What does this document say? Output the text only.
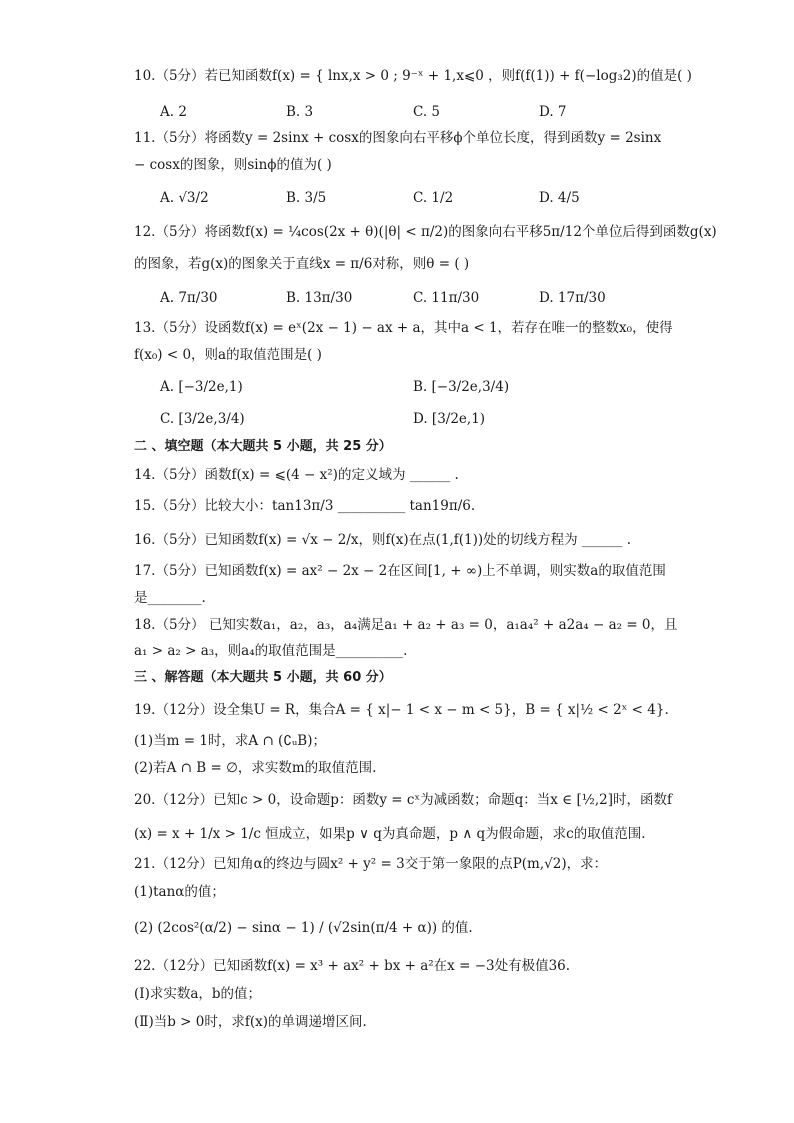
10.（5分）若已知函数f(x) = { lnx,x > 0 ; 9⁻ˣ + 1,x⩽0 ，则f(f(1)) + f(−log₃2)的值是( )
A. 2	B. 3	C. 5	D. 7
11.（5分）将函数y = 2sinx + cosx的图象向右平移ϕ个单位长度，得到函数y = 2sinx
− cosx的图象，则sinϕ的值为( )
A. √3/2	B. 3/5	C. 1/2	D. 4/5
12.（5分）将函数f(x) = ¼cos(2x + θ)(|θ| < π/2)的图象向右平移5π/12个单位后得到函数g(x)
的图象，若g(x)的图象关于直线x = π/6对称，则θ = ( )
A. 7π/30	B. 13π/30	C. 11π/30	D. 17π/30
13.（5分）设函数f(x) = eˣ(2x − 1) − ax + a，其中a < 1，若存在唯一的整数x₀，使得
f(x₀) < 0，则a的取值范围是( )
A. [−3/2e,1)	B. [−3/2e,3/4)
C. [3/2e,3/4)	D. [3/2e,1)
二 、填空题（本大题共 5 小题，共 25 分）
14.（5分）函数f(x) = ⩽(4 − x²)的定义域为 ______ .
15.（5分）比较大小：tan13π/3 __________ tan19π/6.
16.（5分）已知函数f(x) = √x − 2/x，则f(x)在点(1,f(1))处的切线方程为 ______ .
17.（5分）已知函数f(x) = ax² − 2x − 2在区间[1, + ∞)上不单调，则实数a的取值范围
是________.
18.（5分） 已知实数a₁，a₂，a₃，a₄满足a₁ + a₂ + a₃ = 0，a₁a₄² + a2a₄ − a₂ = 0，且
a₁ > a₂ > a₃，则a₄的取值范围是__________.
三 、解答题（本大题共 5 小题，共 60 分）
19.（12分）设全集U = R，集合A = { x|− 1 < x − m < 5}，B = { x|½ < 2ˣ < 4}.
(1)当m = 1时，求A ∩ (∁ᵤB)；
(2)若A ∩ B = ∅，求实数m的取值范围.
20.（12分）已知c > 0，设命题p：函数y = cˣ为减函数；命题q：当x ∈ [½,2]时，函数f
(x) = x + 1/x > 1/c 恒成立，如果p ∨ q为真命题，p ∧ q为假命题，求c的取值范围.
21.（12分）已知角α的终边与圆x² + y² = 3交于第一象限的点P(m,√2)，求：
(1)tanα的值；
(2) (2cos²(α/2) − sinα − 1) / (√2sin(π/4 + α)) 的值.
22.（12分）已知函数f(x) = x³ + ax² + bx + a²在x = −3处有极值36.
(Ⅰ)求实数a，b的值；
(Ⅱ)当b > 0时，求f(x)的单调递增区间.
